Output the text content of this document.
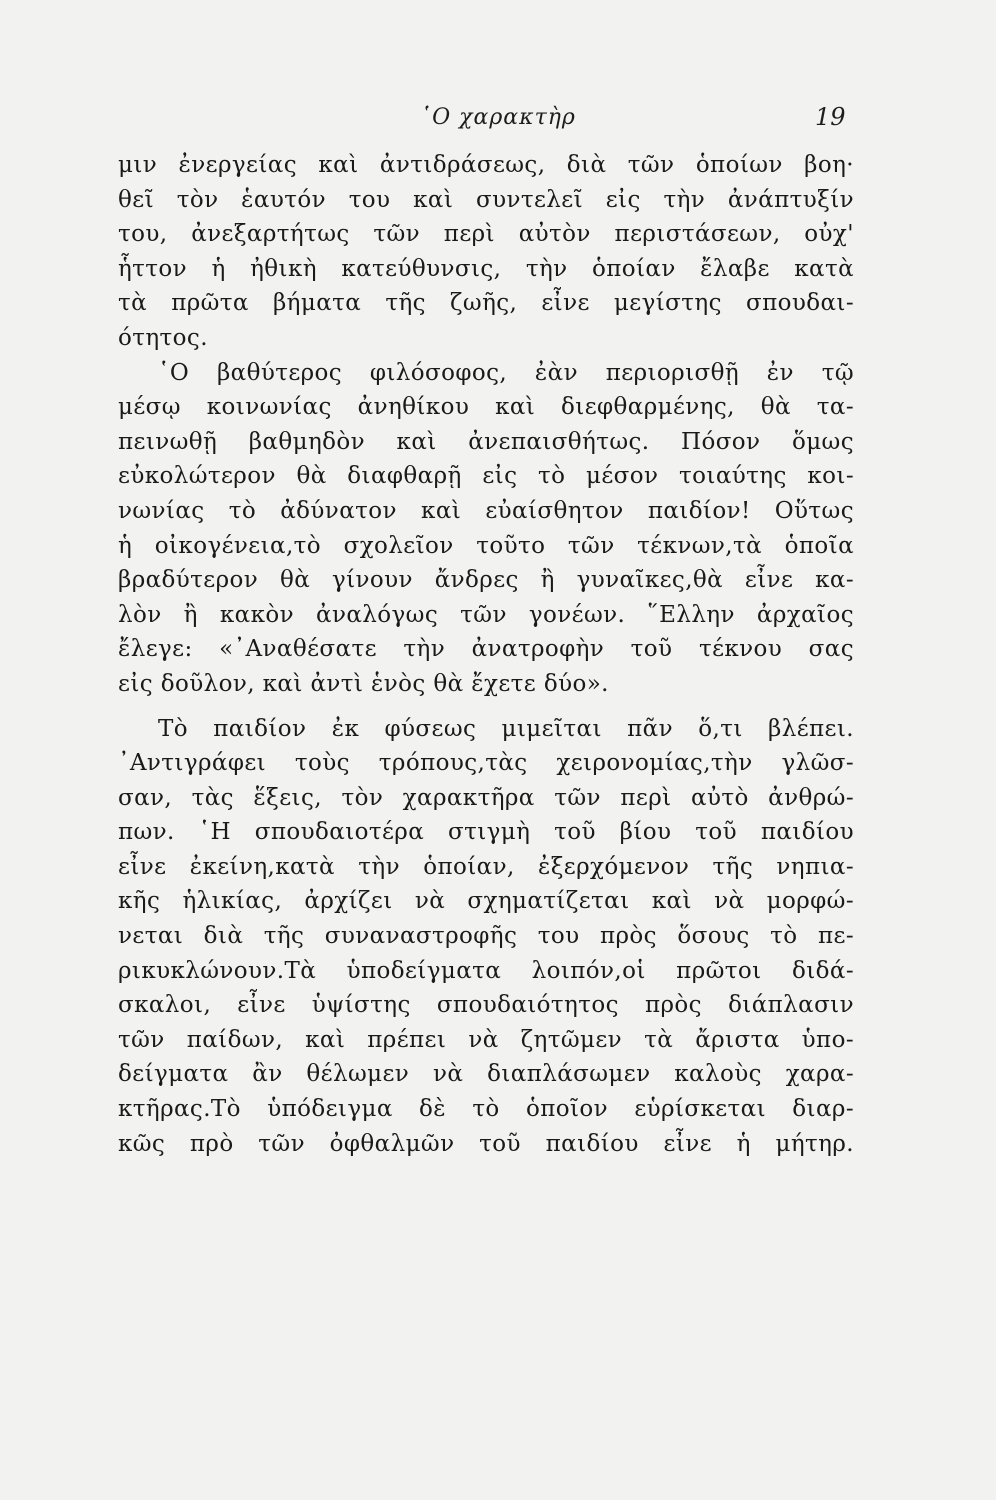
῾Ο χαρακτὴρ	19
μιν ἐνεργείας καὶ ἀντιδράσεως, διὰ τῶν ὁποίων βοη·
θεῖ τὸν ἑαυτόν του καὶ συντελεῖ εἰς τὴν ἀνάπτυξίν
του, ἀνεξαρτήτως τῶν περὶ αὐτὸν περιστάσεων, οὐχ'
ἧττον ἡ ἠθικὴ κατεύθυνσις, τὴν ὁποίαν ἔλαβε κατὰ
τὰ πρῶτα βήματα τῆς ζωῆς, εἶνε μεγίστης σπουδαι-
ότητος.
῾Ο βαθύτερος φιλόσοφος, ἐὰν περιορισθῇ ἐν τῷ
μέσῳ κοινωνίας ἀνηθίκου καὶ διεφθαρμένης, θὰ τα-
πεινωθῇ βαθμηδὸν καὶ ἀνεπαισθήτως. Πόσον ὅμως
εὐκολώτερον θὰ διαφθαρῇ εἰς τὸ μέσον τοιαύτης κοι-
νωνίας τὸ ἀδύνατον καὶ εὐαίσθητον παιδίον! Οὕτως
ἡ οἰκογένεια,τὸ σχολεῖον τοῦτο τῶν τέκνων,τὰ ὁποῖα
βραδύτερον θὰ γίνουν ἄνδρες ἢ γυναῖκες,θὰ εἶνε κα-
λὸν ἢ κακὸν ἀναλόγως τῶν γονέων. ῞Ελλην ἀρχαῖος
ἔλεγε: «᾿Αναθέσατε τὴν ἀνατροφὴν τοῦ τέκνου σας
εἰς δοῦλον, καὶ ἀντὶ ἑνὸς θὰ ἔχετε δύο».
Τὸ παιδίον ἐκ φύσεως μιμεῖται πᾶν ὅ,τι βλέπει.
᾿Αντιγράφει τοὺς τρόπους,τὰς χειρονομίας,τὴν γλῶσ-
σαν, τὰς ἕξεις, τὸν χαρακτῆρα τῶν περὶ αὐτὸ ἀνθρώ-
πων. ῾Η σπουδαιοτέρα στιγμὴ τοῦ βίου τοῦ παιδίου
εἶνε ἐκείνη,κατὰ τὴν ὁποίαν, ἐξερχόμενον τῆς νηπια-
κῆς ἡλικίας, ἀρχίζει νὰ σχηματίζεται καὶ νὰ μορφώ-
νεται διὰ τῆς συναναστροφῆς του πρὸς ὅσους τὸ πε-
ρικυκλώνουν.Τὰ ὑποδείγματα λοιπόν,οἱ πρῶτοι διδά-
σκαλοι, εἶνε ὑψίστης σπουδαιότητος πρὸς διάπλασιν
τῶν παίδων, καὶ πρέπει νὰ ζητῶμεν τὰ ἄριστα ὑπο-
δείγματα ἂν θέλωμεν νὰ διαπλάσωμεν καλοὺς χαρα-
κτῆρας.Τὸ ὑπόδειγμα δὲ τὸ ὁποῖον εὑρίσκεται διαρ-
κῶς πρὸ τῶν ὀφθαλμῶν τοῦ παιδίου εἶνε ἡ μήτηρ.
